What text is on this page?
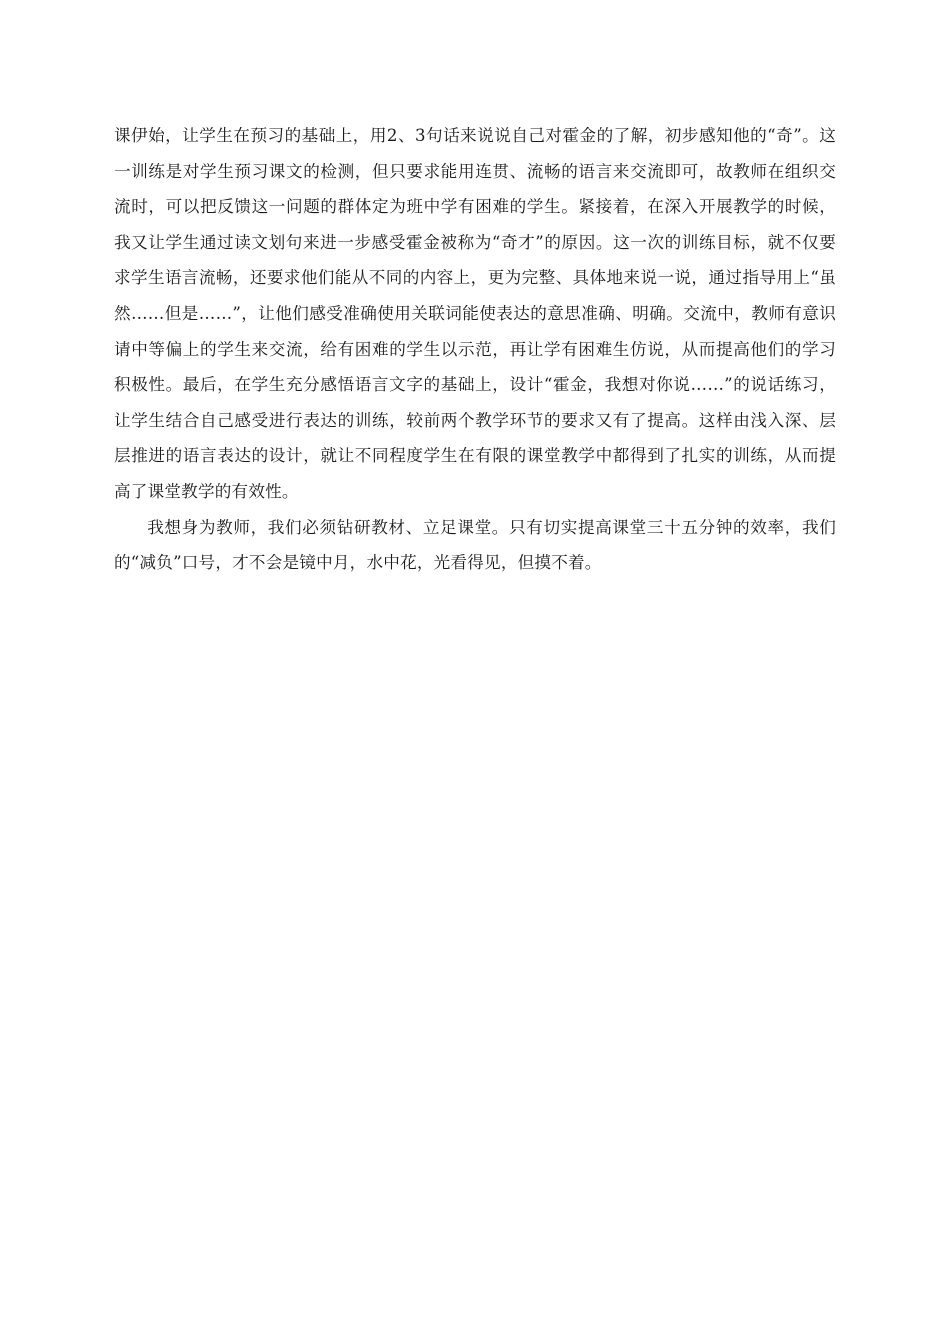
课伊始，让学生在预习的基础上，用2、3句话来说说自己对霍金的了解，初步感知他的“奇”。这一训练是对学生预习课文的检测，但只要求能用连贯、流畅的语言来交流即可，故教师在组织交流时，可以把反馈这一问题的群体定为班中学有困难的学生。紧接着，在深入开展教学的时候，我又让学生通过读文划句来进一步感受霍金被称为“奇才”的原因。这一次的训练目标，就不仅要求学生语言流畅，还要求他们能从不同的内容上，更为完整、具体地来说一说，通过指导用上“虽然……但是……”，让他们感受准确使用关联词能使表达的意思准确、明确。交流中，教师有意识请中等偏上的学生来交流，给有困难的学生以示范，再让学有困难生仿说，从而提高他们的学习积极性。最后，在学生充分感悟语言文字的基础上，设计“霍金，我想对你说……”的说话练习，让学生结合自己感受进行表达的训练，较前两个教学环节的要求又有了提高。这样由浅入深、层层推进的语言表达的设计，就让不同程度学生在有限的课堂教学中都得到了扎实的训练，从而提高了课堂教学的有效性。

我想身为教师，我们必须钻研教材、立足课堂。只有切实提高课堂三十五分钟的效率，我们的“减负”口号，才不会是镜中月，水中花，光看得见，但摸不着。
